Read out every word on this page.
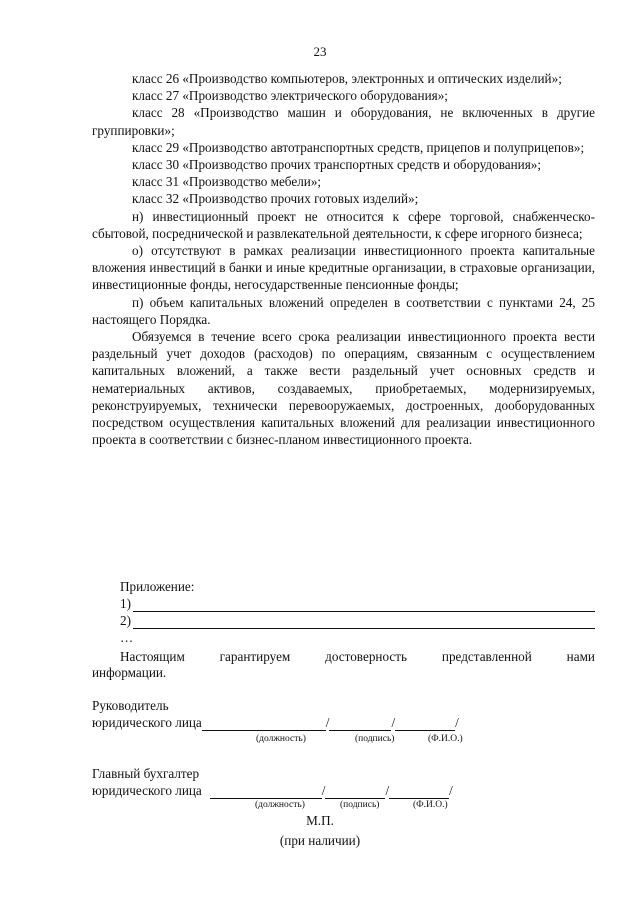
23

класс 26 «Производство компьютеров, электронных и оптических изделий»;

класс 27 «Производство электрического оборудования»;

класс 28 «Производство машин и оборудования, не включенных в другие группировки»;

класс 29 «Производство автотранспортных средств, прицепов и полуприцепов»;

класс 30 «Производство прочих транспортных средств и оборудования»;

класс 31 «Производство мебели»;

класс 32 «Производство прочих готовых изделий»;

н) инвестиционный проект не относится к сфере торговой, снабженческо-сбытовой, посреднической и развлекательной деятельности, к сфере игорного бизнеса;

о) отсутствуют в рамках реализации инвестиционного проекта капитальные вложения инвестиций в банки и иные кредитные организации, в страховые организации, инвестиционные фонды, негосударственные пенсионные фонды;

п) объем капитальных вложений определен в соответствии с пунктами 24, 25 настоящего Порядка.

Обязуемся в течение всего срока реализации инвестиционного проекта вести раздельный учет доходов (расходов) по операциям, связанным с осуществлением капитальных вложений, а также вести раздельный учет основных средств и нематериальных активов, создаваемых, приобретаемых, модернизируемых, реконструируемых, технически перевооружаемых, достроенных, дооборудованных посредством осуществления капитальных вложений для реализации инвестиционного проекта в соответствии с бизнес-планом инвестиционного проекта.

Приложение:
1)
2)
…
Настоящим гарантируем достоверность представленной нами
информации.
Руководитель
юридического лица	/	/	/
(должность)	(подпись)	(Ф.И.О.)
Главный бухгалтер
юридического лица	/	/	/
(должность)	(подпись)	(Ф.И.О.)
М.П.
(при наличии)
